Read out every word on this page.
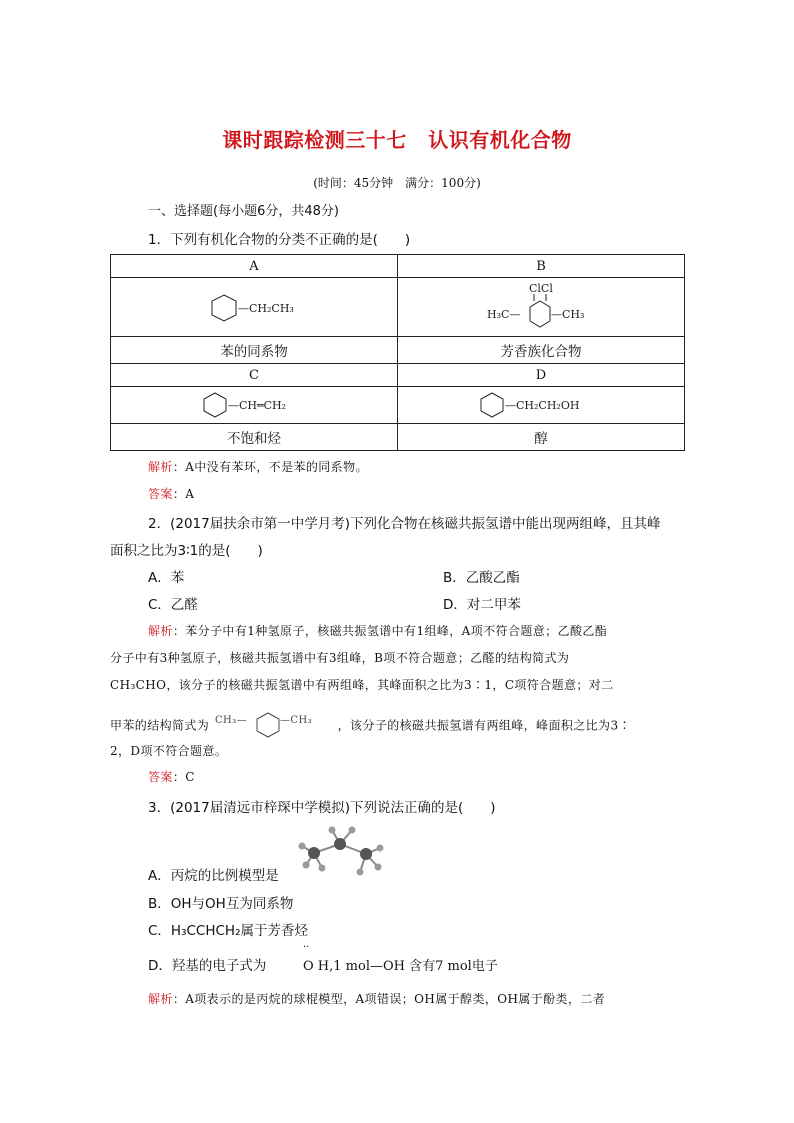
课时跟踪检测三十七 认识有机化合物
(时间：45分钟　满分：100分)
一、选择题(每小题6分，共48分)
1．下列有机化合物的分类不正确的是(　　)
A	B

—CH₂CH₃	ClCl
H₃C— —CH₃

苯的同系物	芳香族化合物
C	D

—CH═CH₂	—CH₂CH₂OH

不饱和烃	醇
解析：A中没有苯环，不是苯的同系物。
答案：A
2．(2017届扶余市第一中学月考)下列化合物在核磁共振氢谱中能出现两组峰，且其峰
面积之比为3∶1的是(　　)
A．苯	B．乙酸乙酯
C．乙醛	D．对二甲苯
解析：苯分子中有1种氢原子，核磁共振氢谱中有1组峰，A项不符合题意；乙酸乙酯
分子中有3种氢原子，核磁共振氢谱中有3组峰，B项不符合题意；乙醛的结构简式为
CH₃CHO，该分子的核磁共振氢谱中有两组峰，其峰面积之比为3∶1，C项符合题意；对二
甲苯的结构简式为 CH₃—	—CH₃ ，该分子的核磁共振氢谱有两组峰，峰面积之比为3∶
2，D项不符合题意。
答案：C
3．(2017届清远市梓琛中学模拟)下列说法正确的是(　　)
A．丙烷的比例模型是
B．OH与OH互为同系物
C．H₃CCHCH₂属于芳香烃
D．羟基的电子式为
··
O H,1 mol—OH 含有7 mol电子
解析：A项表示的是丙烷的球棍模型，A项错误；OH属于醇类，OH属于酚类，二者
